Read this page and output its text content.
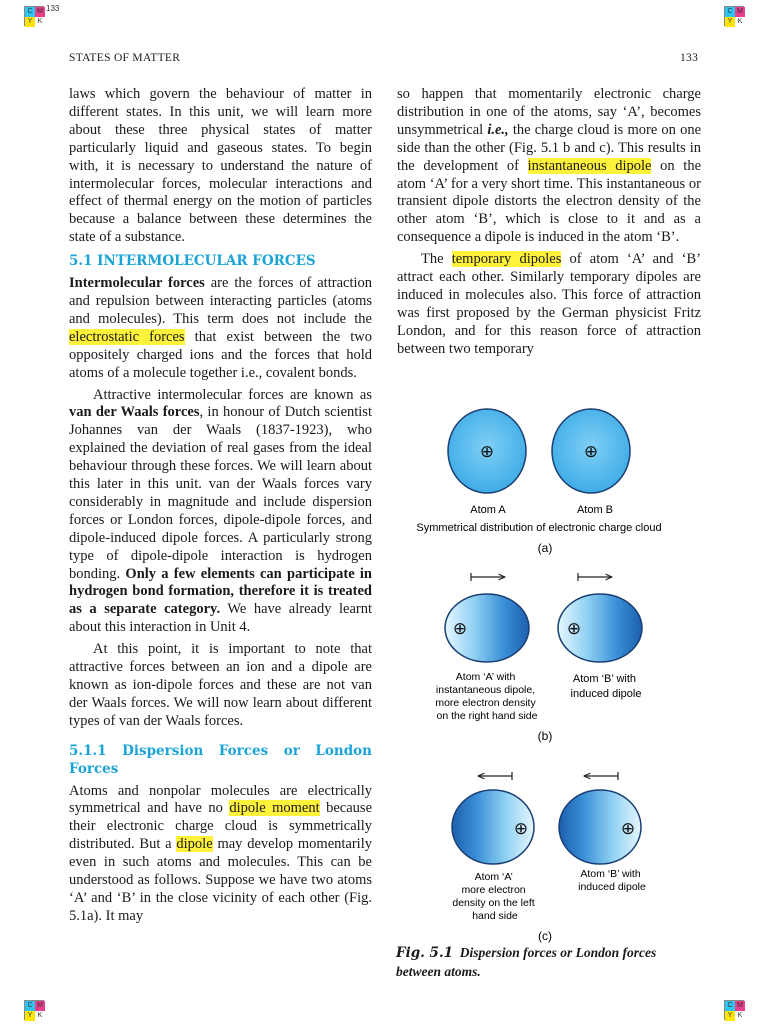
C M
Y K
133	C M
Y K
C M
Y K
C M
Y K
STATES OF MATTER	133

laws which govern the behaviour of matter in different states. In this unit, we will learn more about these three physical states of matter particularly liquid and gaseous states. To begin with, it is necessary to understand the nature of intermolecular forces, molecular interactions and effect of thermal energy on the motion of particles because a balance between these determines the state of a substance.

5.1 INTERMOLECULAR FORCES

Intermolecular forces are the forces of attraction and repulsion between interacting particles (atoms and molecules). This term does not include the electrostatic forces that exist between the two oppositely charged ions and the forces that hold atoms of a molecule together i.e., covalent bonds.

Attractive intermolecular forces are known as van der Waals forces, in honour of Dutch scientist Johannes van der Waals (1837-1923), who explained the deviation of real gases from the ideal behaviour through these forces. We will learn about this later in this unit. van der Waals forces vary considerably in magnitude and include dispersion forces or London forces, dipole-dipole forces, and dipole-induced dipole forces. A particularly strong type of dipole-dipole interaction is hydrogen bonding. Only a few elements can participate in hydrogen bond formation, therefore it is treated as a separate category. We have already learnt about this interaction in Unit 4.

At this point, it is important to note that attractive forces between an ion and a dipole are known as ion-dipole forces and these are not van der Waals forces. We will now learn about different types of van der Waals forces.

5.1.1 Dispersion Forces or London Forces

Atoms and nonpolar molecules are electrically symmetrical and have no dipole moment because their electronic charge cloud is symmetrically distributed. But a dipole may develop momentarily even in such atoms and molecules. This can be understood as follows. Suppose we have two atoms ‘A’ and ‘B’ in the close vicinity of each other (Fig. 5.1a). It may

so happen that momentarily electronic charge distribution in one of the atoms, say ‘A’, becomes unsymmetrical i.e., the charge cloud is more on one side than the other (Fig. 5.1 b and c). This results in the development of instantaneous dipole on the atom ‘A’ for a very short time. This instantaneous or transient dipole distorts the electron density of the other atom ‘B’, which is close to it and as a consequence a dipole is induced in the atom ‘B’.

The temporary dipoles of atom ‘A’ and ‘B’ attract each other. Similarly temporary dipoles are induced in molecules also. This force of attraction was first proposed by the German physicist Fritz London, and for this reason force of attraction between two temporary

⊕	⊕
Atom A	Atom B
Symmetrical distribution of electronic charge cloud
(a)
⊕	⊕
Atom ‘A’ with instantaneous dipole, more electron density on the right hand side
Atom ‘B’ with induced dipole
(b)
⊕	⊕
Atom ‘A’ more electron density on the left hand side
Atom ‘B’ with induced dipole
(c)
Fig. 5.1 Dispersion forces or London forces between atoms.
